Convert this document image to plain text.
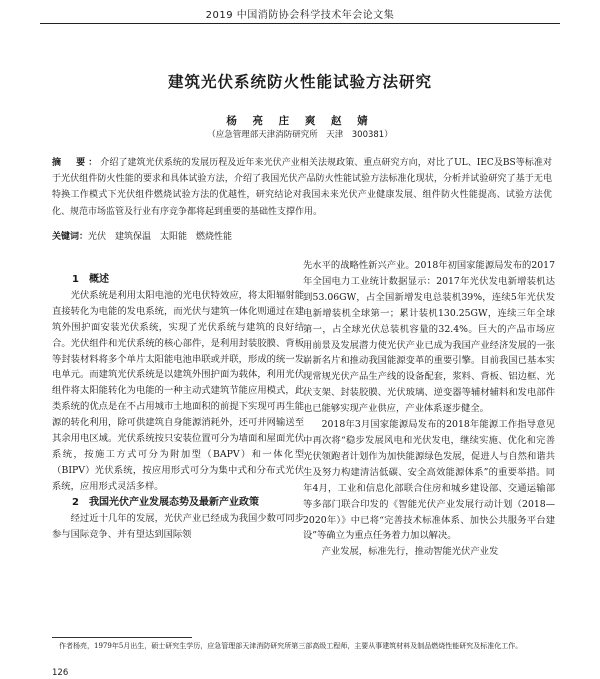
2019 中国消防协会科学技术年会论文集
建筑光伏系统防火性能试验方法研究
杨 亮 庄 爽 赵 婧
（应急管理部天津消防研究所　天津　300381）
摘　要：介绍了建筑光伏系统的发展历程及近年来光伏产业相关法规政策、重点研究方向，对比了UL、IEC及BS等标准对于光伏组件防火性能的要求和具体试验方法，介绍了我国光伏产品防火性能试验方法标准化现状，分析并试验研究了基于无电特换工作模式下光伏组件燃烧试验方法的优越性，研究结论对我国未来光伏产业健康发展、组件防火性能提高、试验方法优化、规范市场监管及行业有序竞争都将起到重要的基础性支撑作用。
关键词：光伏　建筑保温　太阳能　燃烧性能

1　概述

光伏系统是利用太阳电池的光电伏特效应，将太阳辐射能直接转化为电能的发电系统，而光伏与建筑一体化则通过在建筑外围护面安装光伏系统，实现了光伏系统与建筑的良好结合。光伏组件和光伏系统的核心部件，是利用封装胶膜、背板等封装材料将多个单片太阳能电池串联或并联，形成的统一发电单元。而建筑光伏系统是以建筑外围护面为载体，利用光伏组件将太阳能转化为电能的一种主动式建筑节能应用模式，此类系统的优点是在不占用城市土地面积的前提下实现可再生能源的转化利用，除可供建筑自身能源消耗外，还可并网输送至其余用电区域。光伏系统按只安装位置可分为墙面和屋面光伏系统，按施工方式可分为附加型（BAPV）和一体化型（BIPV）光伏系统，按应用形式可分为集中式和分布式光伏系统，应用形式灵活多样。

2　我国光伏产业发展态势及最新产业政策

经过近十几年的发展，光伏产业已经成为我国少数可同步参与国际竞争、并有望达到国际领

先水平的战略性新兴产业。2018年初国家能源局发布的2017年全国电力工业统计数据显示：2017年光伏发电新增装机达到53.06GW，占全国新增发电总装机39%，连续5年光伏发电新增装机全球第一；累计装机130.25GW，连续三年全球第一，占全球光伏总装机容量的32.4%。巨大的产品市场应用前景及发展潜力使光伏产业已成为我国产业经济发展的一张崭新名片和推动我国能源变革的重要引擎。目前我国已基本实现常规光伏产品生产线的设备配套，浆料、背板、铝边框、光伏支架、封装胶膜、光伏玻璃、逆变器等辅材辅料和发电部件也已能够实现产业供应，产业体系逐步健全。

2018年3月国家能源局发布的2018年能源工作指导意见中再次将“稳步发展风电和光伏发电，继续实施、优化和完善光伏领跑者计划作为加快能源绿色发展，促进人与自然和谐共生及努力构建清洁低碳、安全高效能源体系”的重要举措。同年4月，工业和信息化部联合住房和城乡建设部、交通运输部等多部门联合印发的《智能光伏产业发展行动计划（2018—2020年）》中已将“完善技术标准体系、加快公共服务平台建设”等确立为重点任务着力加以解决。

产业发展，标准先行，推动智能光伏产业发

作者杨亮，1979年5月出生，硕士研究生学历，应急管理部天津消防研究所第三部高级工程师，主要从事建筑材料及制品燃烧性能研究及标准化工作。
126
